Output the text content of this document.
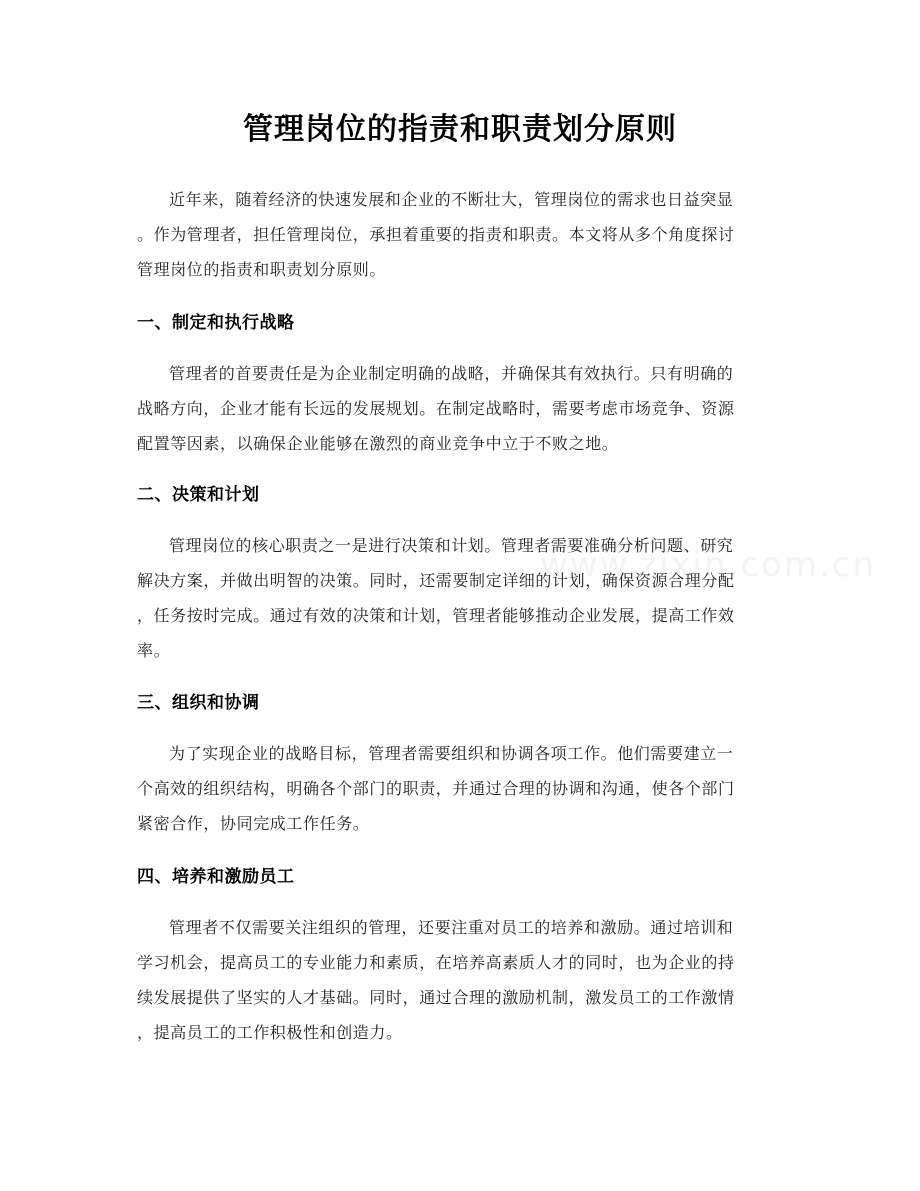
管理岗位的指责和职责划分原则
近年来，随着经济的快速发展和企业的不断壮大，管理岗位的需求也日益突显
。作为管理者，担任管理岗位，承担着重要的指责和职责。本文将从多个角度探讨
管理岗位的指责和职责划分原则。
一、制定和执行战略
管理者的首要责任是为企业制定明确的战略，并确保其有效执行。只有明确的
战略方向，企业才能有长远的发展规划。在制定战略时，需要考虑市场竞争、资源
配置等因素，以确保企业能够在激烈的商业竞争中立于不败之地。
二、决策和计划
管理岗位的核心职责之一是进行决策和计划。管理者需要准确分析问题、研究
解决方案，并做出明智的决策。同时，还需要制定详细的计划，确保资源合理分配
，任务按时完成。通过有效的决策和计划，管理者能够推动企业发展，提高工作效
率。
三、组织和协调
为了实现企业的战略目标，管理者需要组织和协调各项工作。他们需要建立一
个高效的组织结构，明确各个部门的职责，并通过合理的协调和沟通，使各个部门
紧密合作，协同完成工作任务。
四、培养和激励员工
管理者不仅需要关注组织的管理，还要注重对员工的培养和激励。通过培训和
学习机会，提高员工的专业能力和素质，在培养高素质人才的同时，也为企业的持
续发展提供了坚实的人才基础。同时，通过合理的激励机制，激发员工的工作激情
，提高员工的工作积极性和创造力。
www.zixin.com.cn
